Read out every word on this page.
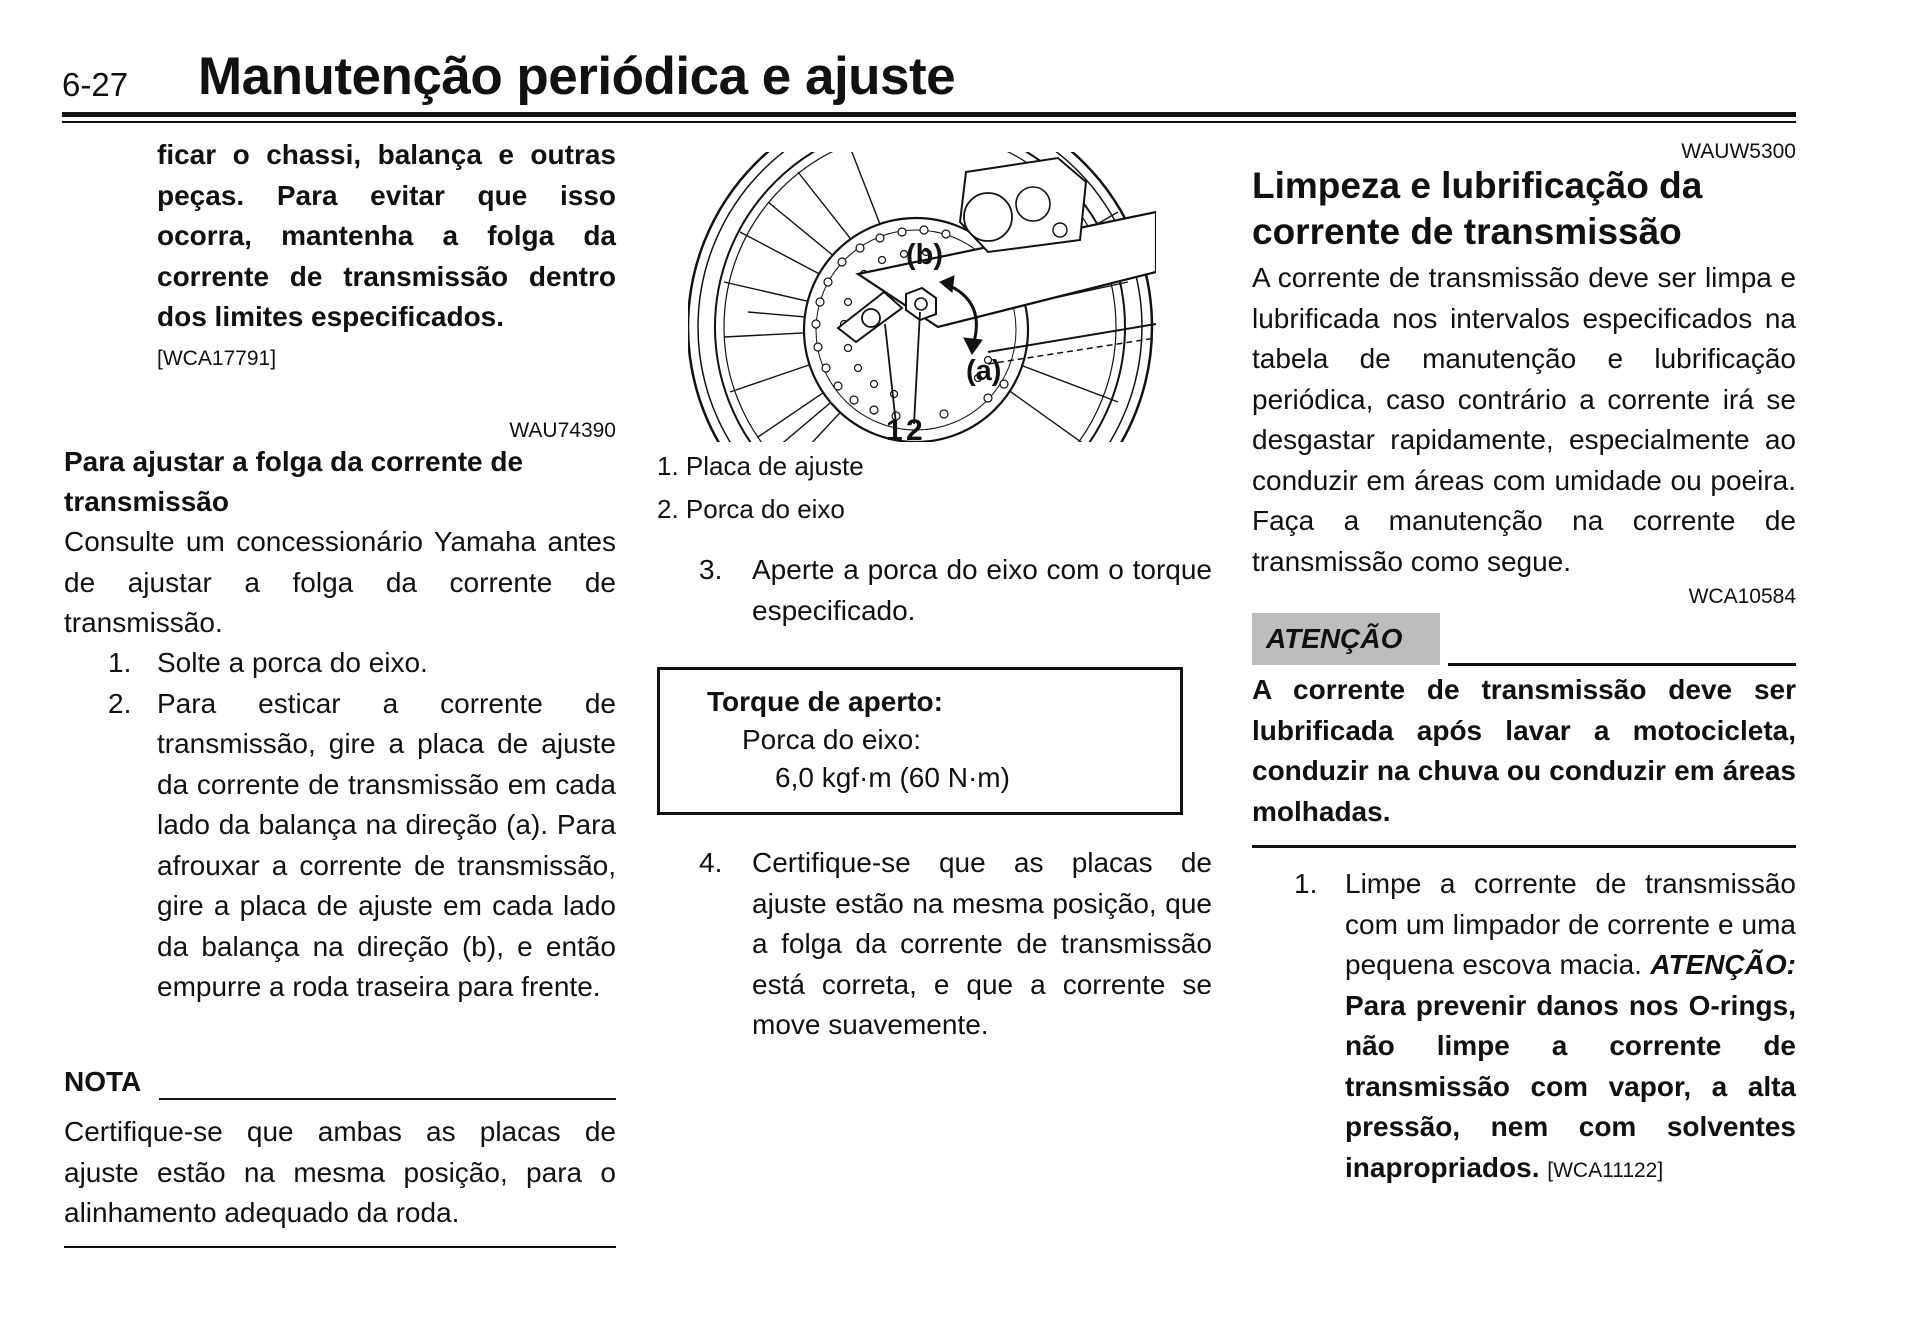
6-27 Manutenção periódica e ajuste

ficar o chassi, balança e outras peças. Para evitar que isso ocorra, mantenha a folga da corrente de transmissão dentro dos limites especificados.

[WCA17791]
WAU74390
Para ajustar a folga da corrente de transmissão

Consulte um concessionário Yamaha antes de ajustar a folga da corrente de transmissão.

1. Solte a porca do eixo.
2. Para esticar a corrente de transmissão, gire a placa de ajuste da corrente de transmissão em cada lado da balança na direção (a). Para afrouxar a corrente de transmissão, gire a placa de ajuste em cada lado da balança na direção (b), e então empurre a roda traseira para frente.
NOTA

Certifique-se que ambas as placas de ajuste estão na mesma posição, para o alinhamento adequado da roda.

(b)
(a)
1 2
1. Placa de ajuste
2. Porca do eixo
3. Aperte a porca do eixo com o torque especificado.
Torque de aperto:
Porca do eixo:
6,0 kgf·m (60 N·m)
4. Certifique-se que as placas de ajuste estão na mesma posição, que a folga da corrente de transmissão está correta, e que a corrente se move suavemente.
WAUW5300
Limpeza e lubrificação da corrente de transmissão

A corrente de transmissão deve ser limpa e lubrificada nos intervalos especificados na tabela de manutenção e lubrificação periódica, caso contrário a corrente irá se desgastar rapidamente, especialmente ao conduzir em áreas com umidade ou poeira. Faça a manutenção na corrente de transmissão como segue.

WCA10584
ATENÇÃO

A corrente de transmissão deve ser lubrificada após lavar a motocicleta, conduzir na chuva ou conduzir em áreas molhadas.

1. Limpe a corrente de transmissão com um limpador de corrente e uma pequena escova macia. ATENÇÃO: Para prevenir danos nos O-rings, não limpe a corrente de transmissão com vapor, a alta pressão, nem com solventes inapropriados. [WCA11122]
